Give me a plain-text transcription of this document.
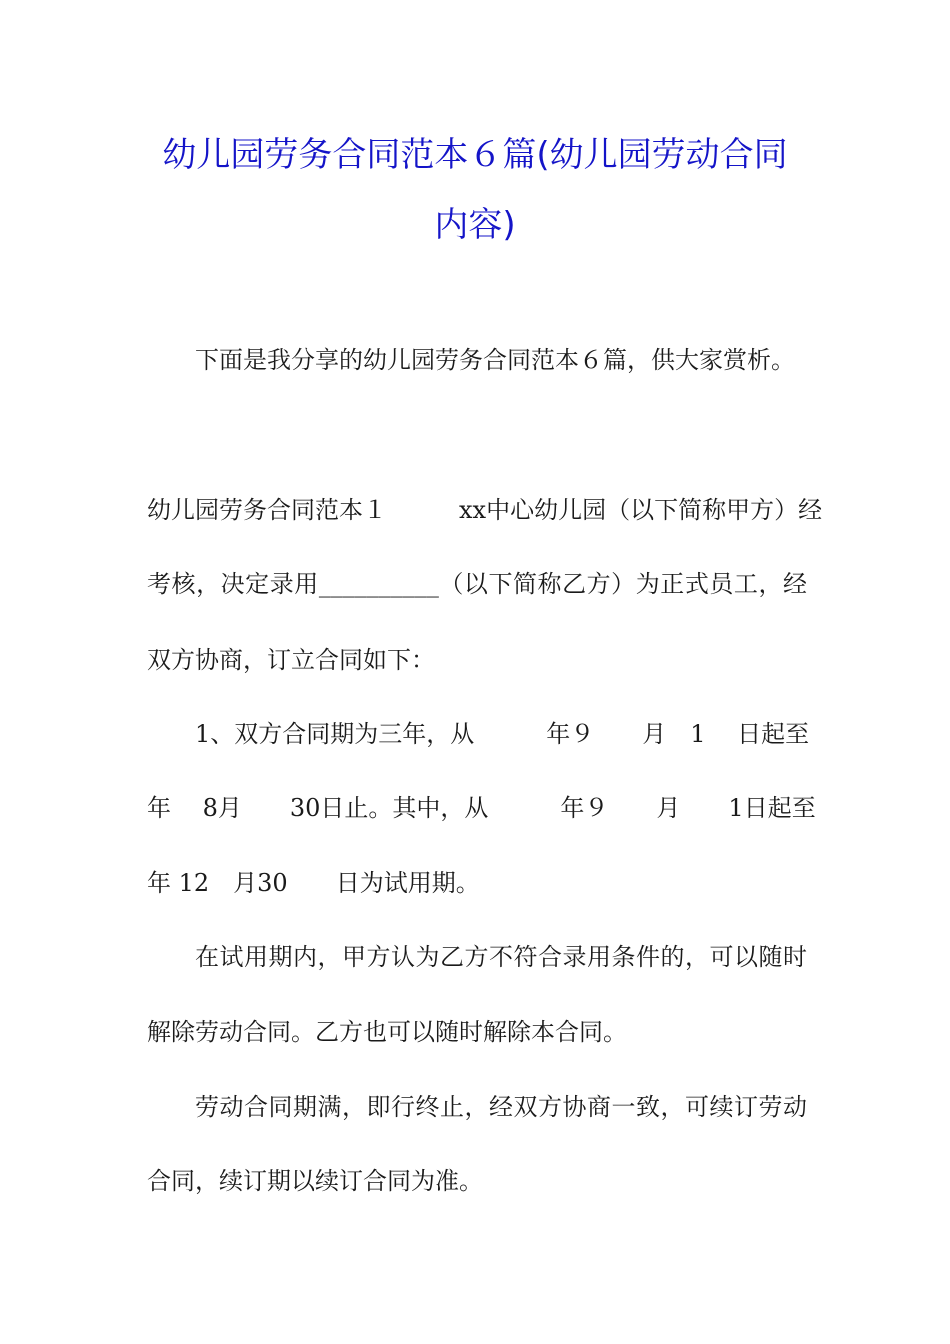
幼儿园劳务合同范本６篇(幼儿园劳动合同
内容)

下面是我分享的幼儿园劳务合同范本６篇，供大家赏析。

幼儿园劳务合同范本１　　　xx中心幼儿园（以下简称甲方）经

考核，决定录用__________（以下简称乙方）为正式员工，经

双方协商，订立合同如下：

1、双方合同期为三年，从　　　年９　　月　1　 日起至

年　 8月　　30日止。其中，从　　　年９　　月　　1日起至

年 12　月30　　日为试用期。

在试用期内，甲方认为乙方不符合录用条件的，可以随时

解除劳动合同。乙方也可以随时解除本合同。

劳动合同期满，即行终止，经双方协商一致，可续订劳动

合同，续订期以续订合同为准。
